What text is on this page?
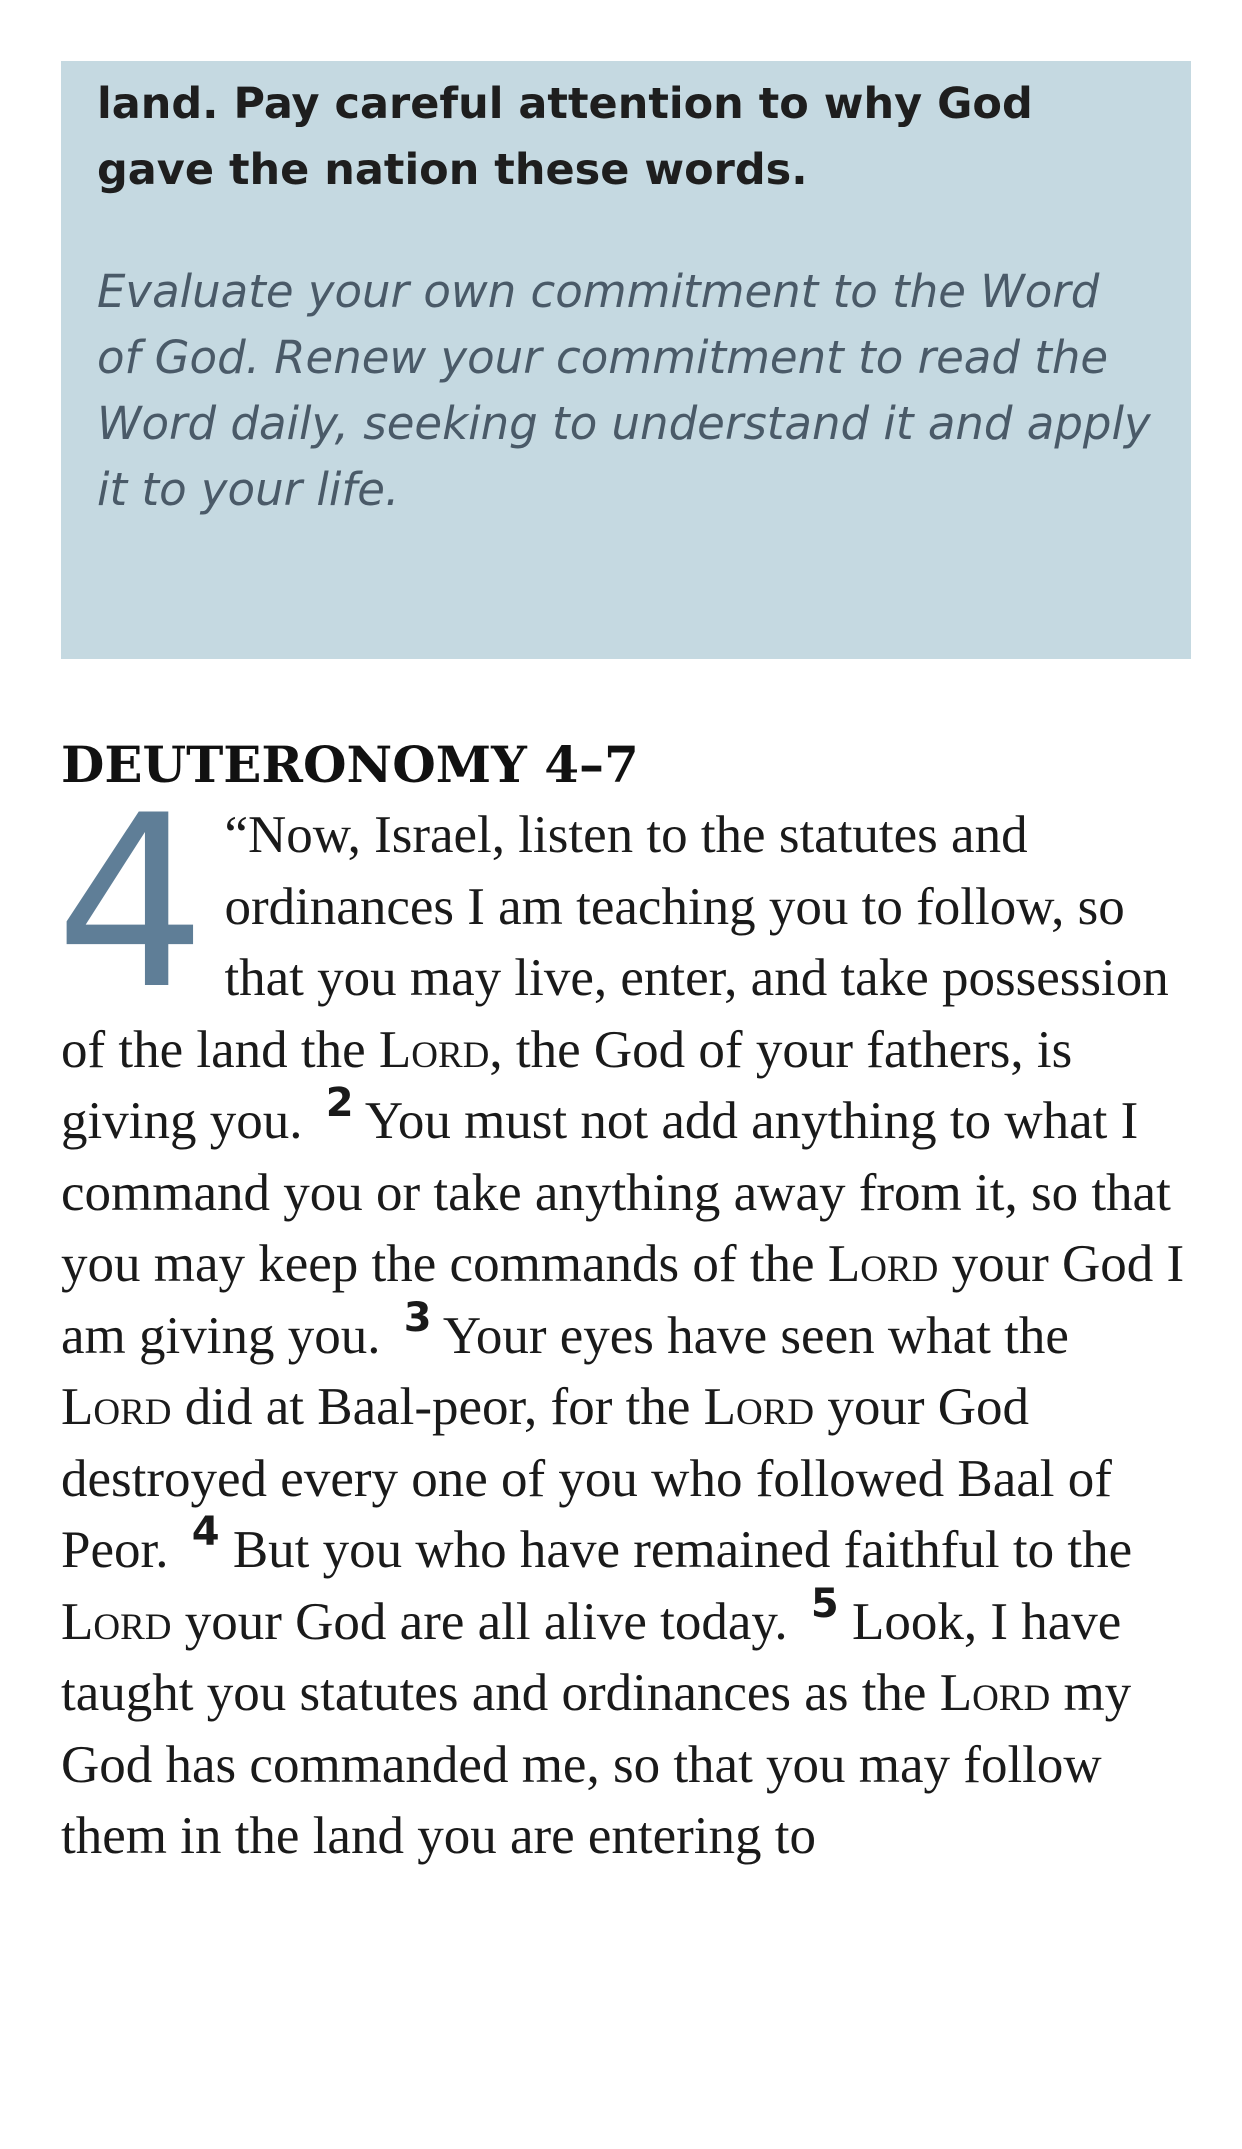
land. Pay careful attention to why God gave the nation these words.

Evaluate your own commitment to the Word of God. Renew your commitment to read the Word daily, seeking to understand it and apply it to your life.

DEUTERONOMY 4–7

4 “Now, Israel, listen to the statutes and ordinances I am teaching you to follow, so that you may live, enter, and take possession of the land the Lord, the God of your fathers, is giving you. $^2$ You must not add anything to what I command you or take anything away from it, so that you may keep the commands of the Lord your God I am giving you. $^3$ Your eyes have seen what the Lord did at Baal-peor, for the Lord your God destroyed every one of you who followed Baal of Peor. $^4$ But you who have remained faithful to the Lord your God are all alive today. $^5$ Look, I have taught you statutes and ordinances as the Lord my God has commanded me, so that you may follow them in the land you are entering to
